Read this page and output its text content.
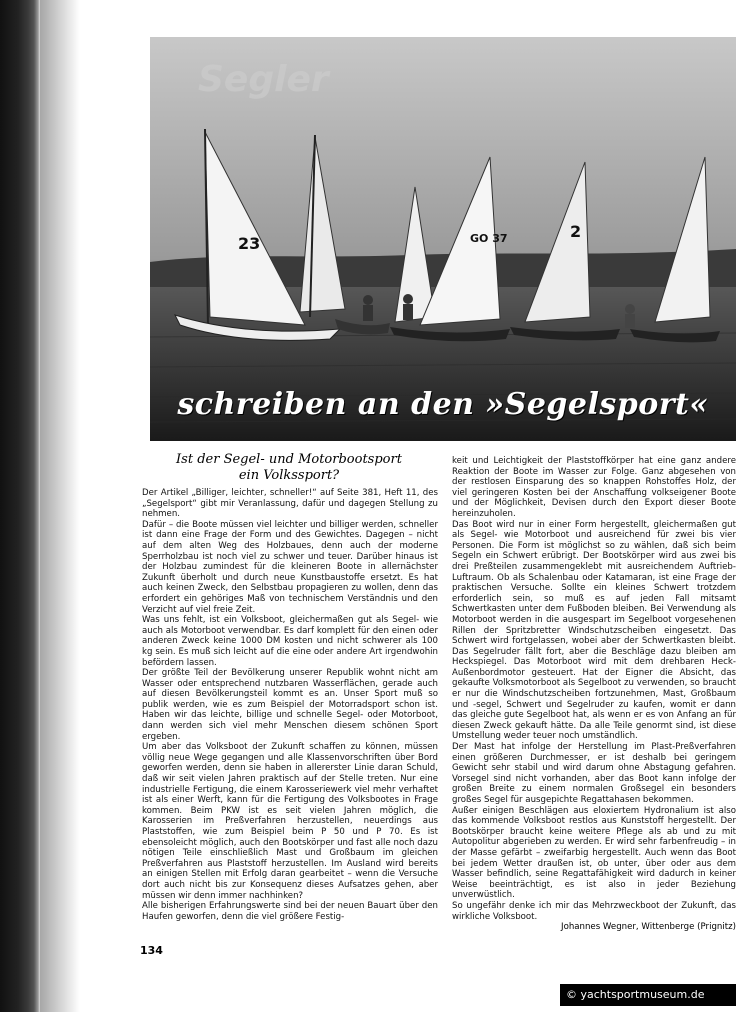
23	GO 37	2
Segler
schreiben an den »Segelsport«
Ist der Segel- und Motorbootsport
ein Volkssport?

Der Artikel „Billiger, leichter, schneller!“ auf Seite 381, Heft 11, des „Segelsport“ gibt mir Veranlassung, dafür und dagegen Stellung zu nehmen.

Dafür – die Boote müssen viel leichter und billiger werden, schneller ist dann eine Frage der Form und des Gewichtes. Dagegen – nicht auf dem alten Weg des Holzbaues, denn auch der moderne Sperrholzbau ist noch viel zu schwer und teuer. Darüber hinaus ist der Holzbau zumindest für die kleineren Boote in allernächster Zukunft überholt und durch neue Kunstbaustoffe ersetzt. Es hat auch keinen Zweck, den Selbstbau propagieren zu wollen, denn das erfordert ein gehöriges Maß von technischem Verständnis und den Verzicht auf viel freie Zeit.

Was uns fehlt, ist ein Volksboot, gleichermaßen gut als Segel- wie auch als Motorboot verwendbar. Es darf komplett für den einen oder anderen Zweck keine 1000 DM kosten und nicht schwerer als 100 kg sein. Es muß sich leicht auf die eine oder andere Art irgendwohin befördern lassen.

Der größte Teil der Bevölkerung unserer Republik wohnt nicht am Wasser oder entsprechend nutzbaren Wasserflächen, gerade auch auf diesen Bevölkerungsteil kommt es an. Unser Sport muß so publik werden, wie es zum Beispiel der Motorradsport schon ist. Haben wir das leichte, billige und schnelle Segel- oder Motorboot, dann werden sich viel mehr Menschen diesem schönen Sport ergeben.

Um aber das Volksboot der Zukunft schaffen zu können, müssen völlig neue Wege gegangen und alle Klassenvorschriften über Bord geworfen werden, denn sie haben in allererster Linie daran Schuld, daß wir seit vielen Jahren praktisch auf der Stelle treten. Nur eine industrielle Fertigung, die einem Karosseriewerk viel mehr verhaftet ist als einer Werft, kann für die Fertigung des Volksbootes in Frage kommen. Beim PKW ist es seit vielen Jahren möglich, die Karosserien im Preßverfahren herzustellen, neuerdings aus Plaststoffen, wie zum Beispiel beim P 50 und P 70. Es ist ebensoleicht möglich, auch den Bootskörper und fast alle noch dazu nötigen Teile einschließlich Mast und Großbaum im gleichen Preßverfahren aus Plaststoff herzustellen. Im Ausland wird bereits an einigen Stellen mit Erfolg daran gearbeitet – wenn die Versuche dort auch nicht bis zur Konsequenz dieses Aufsatzes gehen, aber müssen wir denn immer nachhinken?

Alle bisherigen Erfahrungswerte sind bei der neuen Bauart über den Haufen geworfen, denn die viel größere Festig-

keit und Leichtigkeit der Plaststoffkörper hat eine ganz andere Reaktion der Boote im Wasser zur Folge. Ganz abgesehen von der restlosen Einsparung des so knappen Rohstoffes Holz, der viel geringeren Kosten bei der Anschaffung volkseigener Boote und der Möglichkeit, Devisen durch den Export dieser Boote hereinzuholen.

Das Boot wird nur in einer Form hergestellt, gleichermaßen gut als Segel- wie Motorboot und ausreichend für zwei bis vier Personen. Die Form ist möglichst so zu wählen, daß sich beim Segeln ein Schwert erübrigt. Der Bootskörper wird aus zwei bis drei Preßteilen zusammengeklebt mit ausreichendem Auftrieb-Luftraum. Ob als Schalenbau oder Katamaran, ist eine Frage der praktischen Versuche. Sollte ein kleines Schwert trotzdem erforderlich sein, so muß es auf jeden Fall mitsamt Schwertkasten unter dem Fußboden bleiben. Bei Verwendung als Motorboot werden in die ausgespart im Segelboot vorgesehenen Rillen der Spritzbretter Windschutzscheiben eingesetzt. Das Schwert wird fortgelassen, wobei aber der Schwertkasten bleibt. Das Segelruder fällt fort, aber die Beschläge dazu bleiben am Heckspiegel. Das Motorboot wird mit dem drehbaren Heck-Außenbordmotor gesteuert. Hat der Eigner die Absicht, das gekaufte Volksmotorboot als Segelboot zu verwenden, so braucht er nur die Windschutzscheiben fortzunehmen, Mast, Großbaum und -segel, Schwert und Segelruder zu kaufen, womit er dann das gleiche gute Segelboot hat, als wenn er es von Anfang an für diesen Zweck gekauft hätte. Da alle Teile genormt sind, ist diese Umstellung weder teuer noch umständlich.

Der Mast hat infolge der Herstellung im Plast-Preßverfahren einen größeren Durchmesser, er ist deshalb bei geringem Gewicht sehr stabil und wird darum ohne Abstagung gefahren. Vorsegel sind nicht vorhanden, aber das Boot kann infolge der großen Breite zu einem normalen Großsegel ein besonders großes Segel für ausgepichte Regattahasen bekommen.

Außer einigen Beschlägen aus eloxiertem Hydronalium ist also das kommende Volksboot restlos aus Kunststoff hergestellt. Der Bootskörper braucht keine weitere Pflege als ab und zu mit Autopolitur abgerieben zu werden. Er wird sehr farbenfreudig – in der Masse gefärbt – zweifarbig hergestellt. Auch wenn das Boot bei jedem Wetter draußen ist, ob unter, über oder aus dem Wasser befindlich, seine Regattafähigkeit wird dadurch in keiner Weise beeinträchtigt, es ist also in jeder Beziehung unverwüstlich.

So ungefähr denke ich mir das Mehrzweckboot der Zukunft, das wirkliche Volksboot.

Johannes Wegner, Wittenberge (Prignitz)
134
© yachtsportmuseum.de
